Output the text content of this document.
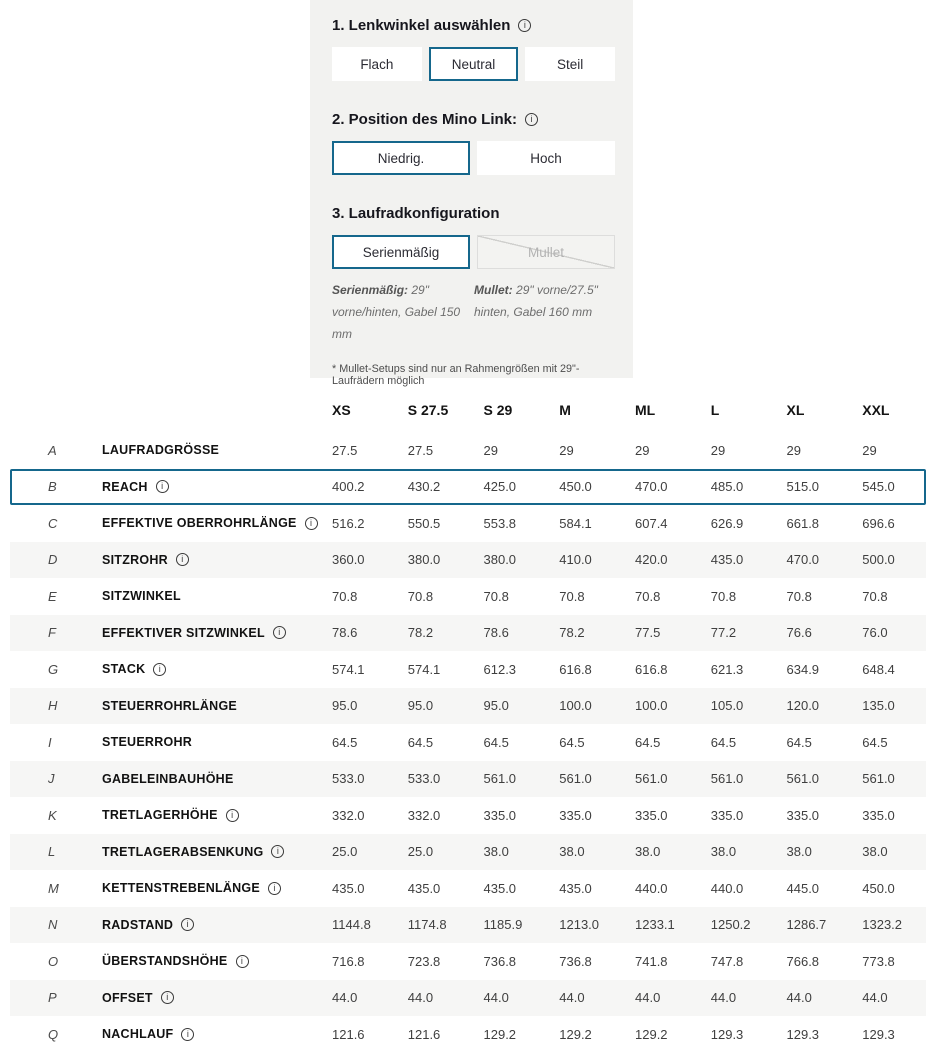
1. Lenkwinkel auswählen	i
Flach	Neutral	Steil
2. Position des Mino Link:	i
Niedrig.	Hoch
3. Laufradkonfiguration
Serienmäßig	Mullet

Serienmäßig: 29" vorne/hinten, Gabel 150 mm

Mullet: 29" vorne/27.5" hinten, Gabel 160 mm

* Mullet-Setups sind nur an Rahmengrößen mit 29"-Laufrädern möglich

XS	S 27.5	S 29	M	ML	L	XL	XXL
A	LAUFRADGRÖSSE	27.5	27.5	29	29	29	29	29	29
B	REACH	i	400.2	430.2	425.0	450.0	470.0	485.0	515.0	545.0
C	EFFEKTIVE OBERROHRLÄNGE	i	516.2	550.5	553.8	584.1	607.4	626.9	661.8	696.6
D	SITZROHR	i	360.0	380.0	380.0	410.0	420.0	435.0	470.0	500.0
E	SITZWINKEL	70.8	70.8	70.8	70.8	70.8	70.8	70.8	70.8
F	EFFEKTIVER SITZWINKEL	i	78.6	78.2	78.6	78.2	77.5	77.2	76.6	76.0
G	STACK	i	574.1	574.1	612.3	616.8	616.8	621.3	634.9	648.4
H	STEUERROHRLÄNGE	95.0	95.0	95.0	100.0	100.0	105.0	120.0	135.0
I	STEUERROHR	64.5	64.5	64.5	64.5	64.5	64.5	64.5	64.5
J	GABELEINBAUHÖHE	533.0	533.0	561.0	561.0	561.0	561.0	561.0	561.0
K	TRETLAGERHÖHE	i	332.0	332.0	335.0	335.0	335.0	335.0	335.0	335.0
L	TRETLAGERABSENKUNG	i	25.0	25.0	38.0	38.0	38.0	38.0	38.0	38.0
M	KETTENSTREBENLÄNGE	i	435.0	435.0	435.0	435.0	440.0	440.0	445.0	450.0
N	RADSTAND	i	1144.8	1174.8	1185.9	1213.0	1233.1	1250.2	1286.7	1323.2
O	ÜBERSTANDSHÖHE	i	716.8	723.8	736.8	736.8	741.8	747.8	766.8	773.8
P	OFFSET	i	44.0	44.0	44.0	44.0	44.0	44.0	44.0	44.0
Q	NACHLAUF	i	121.6	121.6	129.2	129.2	129.2	129.3	129.3	129.3
